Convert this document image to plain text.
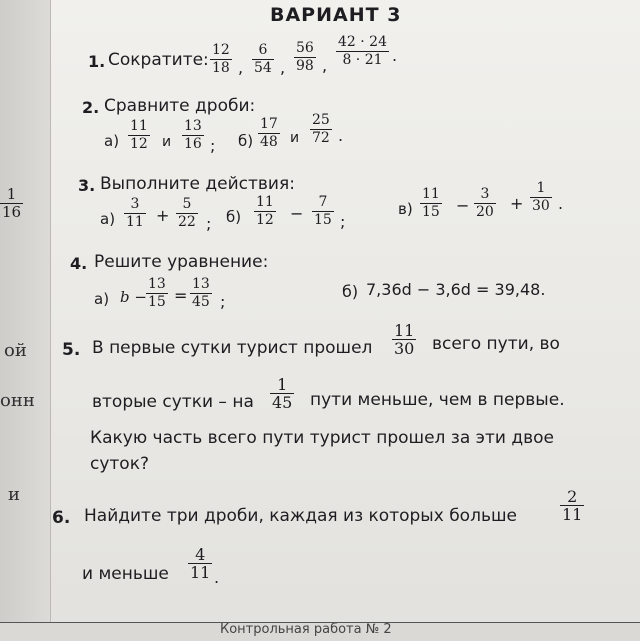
$\frac{1}{16}$
ой
онн
и
ВАРИАНТ 3
1. Сократите: $\frac{12}{18}$ , $\frac{6}{54}$ , $\frac{56}{98}$ , $\frac{42 \cdot 24}{8 \cdot 21}$ .
2. Сравните дроби:
$а) \frac{11}{12}$ и $\frac{13}{16}$ ; $б) \frac{17}{48}$ и $\frac{25}{72}$ .
3. Выполните действия:
$а) \frac{3}{11} + \frac{5}{22}$ ; $б) \frac{11}{12} - \frac{7}{15}$ ;
$в) \frac{11}{15} - \frac{3}{20} + \frac{1}{30}$ .
4. Решите уравнение:
а) $b - \frac{13}{15} = \frac{13}{45}$ ;
б) 7,36d − 3,6d = 39,48.
5. В первые сутки турист прошел $\frac{11}{30}$ всего пути, во
вторые сутки – на $\frac{1}{45}$ пути меньше, чем в первые.
Какую часть всего пути турист прошел за эти двое
суток?
6. Найдите три дроби, каждая из которых больше	$\frac{2}{11}$
и меньше $\frac{4}{11}$ .
Контрольная работа № 2
